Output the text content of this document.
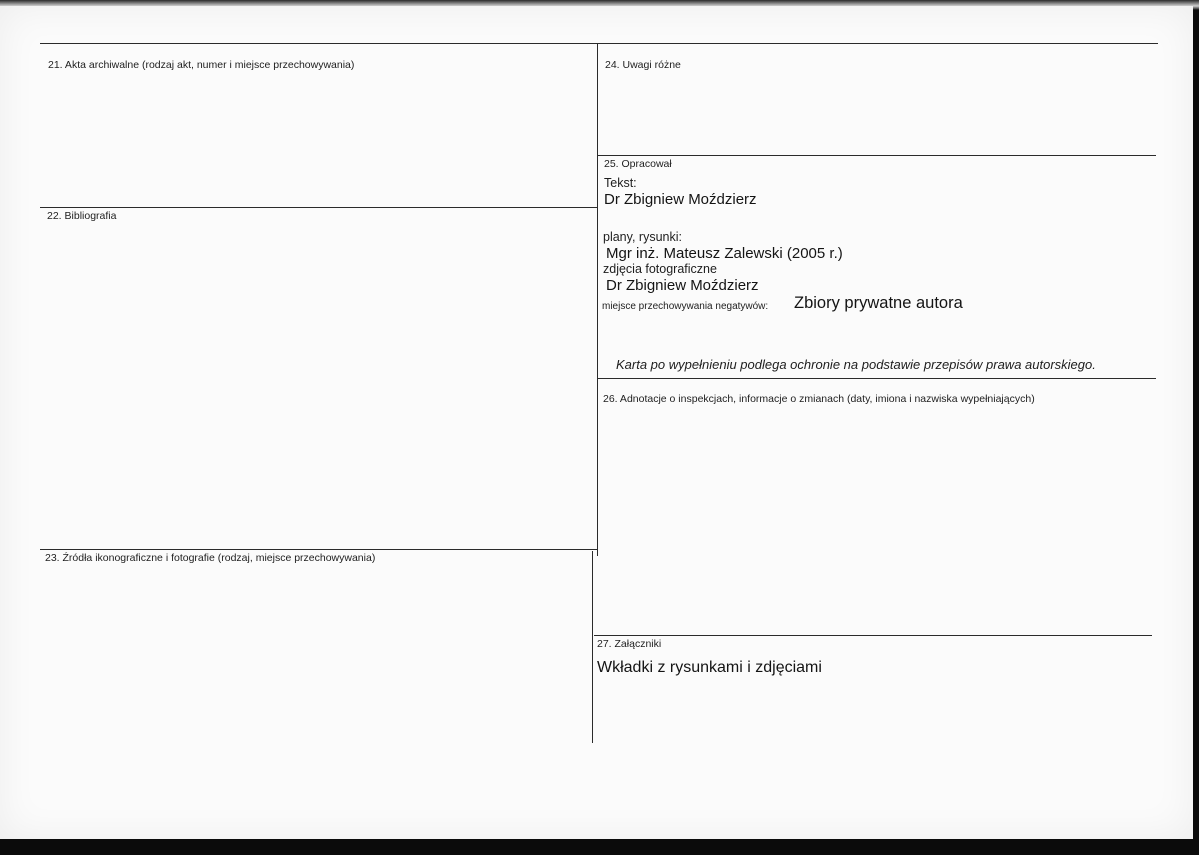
21. Akta archiwalne (rodzaj akt, numer i miejsce przechowywania)
22. Bibliografia
23. Źródła ikonograficzne i fotografie (rodzaj, miejsce przechowywania)
24. Uwagi różne
25. Opracował
Tekst:
Dr Zbigniew Moździerz
plany, rysunki:
Mgr inż. Mateusz Zalewski (2005 r.)
zdjęcia fotograficzne
Dr Zbigniew Moździerz
miejsce przechowywania negatywów: Zbiory prywatne autora
Karta po wypełnieniu podlega ochronie na podstawie przepisów prawa autorskiego.
26. Adnotacje o inspekcjach, informacje o zmianach (daty, imiona i nazwiska wypełniających)
27. Załączniki
Wkładki z rysunkami i zdjęciami
